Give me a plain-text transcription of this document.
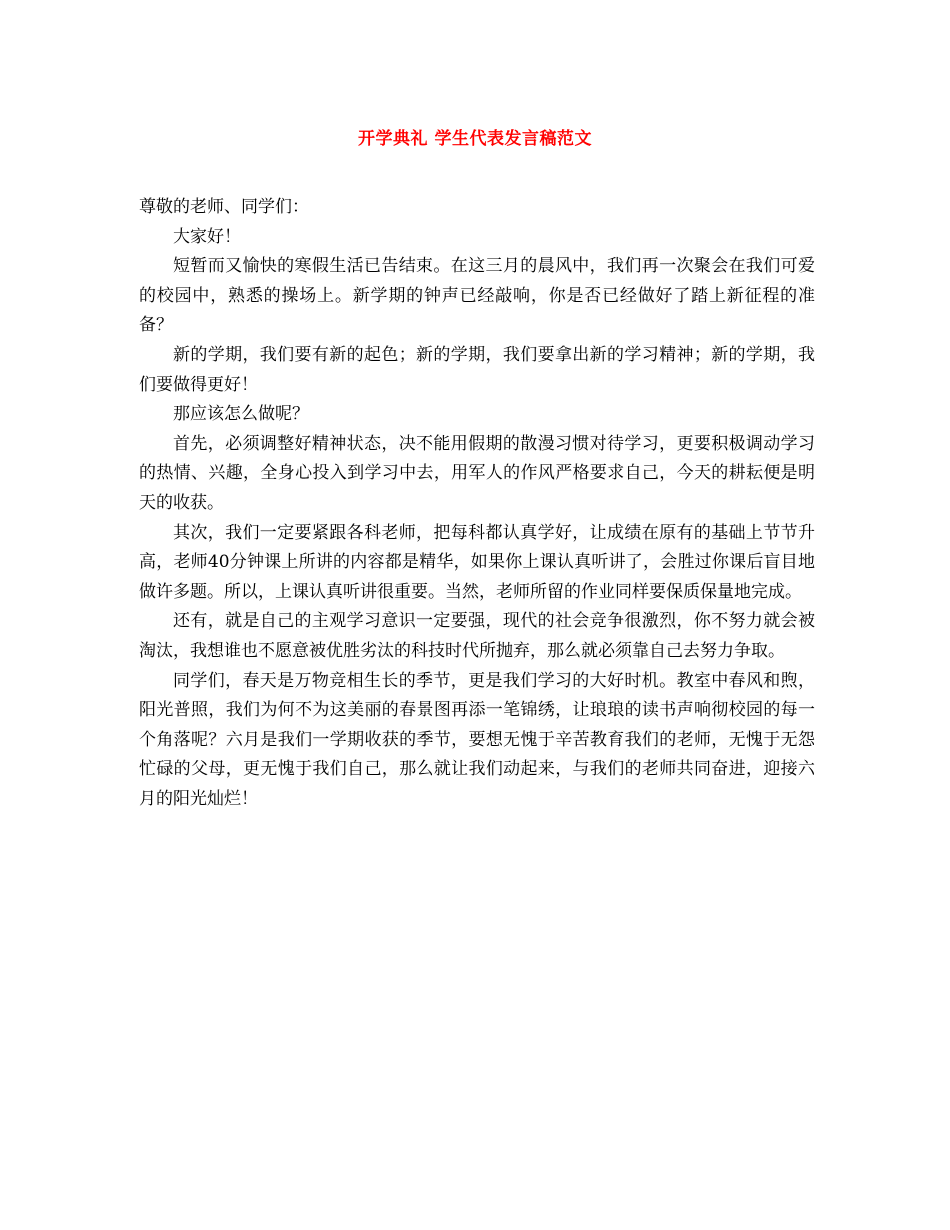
开学典礼 学生代表发言稿范文

尊敬的老师、同学们：

大家好！

短暂而又愉快的寒假生活已告结束。在这三月的晨风中，我们再一次聚会在我们可爱的校园中，熟悉的操场上。新学期的钟声已经敲响，你是否已经做好了踏上新征程的准备？

新的学期，我们要有新的起色；新的学期，我们要拿出新的学习精神；新的学期，我们要做得更好！

那应该怎么做呢？

首先，必须调整好精神状态，决不能用假期的散漫习惯对待学习，更要积极调动学习的热情、兴趣，全身心投入到学习中去，用军人的作风严格要求自己，今天的耕耘便是明天的收获。

其次，我们一定要紧跟各科老师，把每科都认真学好，让成绩在原有的基础上节节升高，老师40分钟课上所讲的内容都是精华，如果你上课认真听讲了，会胜过你课后盲目地做许多题。所以，上课认真听讲很重要。当然，老师所留的作业同样要保质保量地完成。

还有，就是自己的主观学习意识一定要强，现代的社会竞争很激烈，你不努力就会被淘汰，我想谁也不愿意被优胜劣汰的科技时代所抛弃，那么就必须靠自己去努力争取。

同学们，春天是万物竞相生长的季节，更是我们学习的大好时机。教室中春风和煦，阳光普照，我们为何不为这美丽的春景图再添一笔锦绣，让琅琅的读书声响彻校园的每一个角落呢？六月是我们一学期收获的季节，要想无愧于辛苦教育我们的老师，无愧于无怨忙碌的父母，更无愧于我们自己，那么就让我们动起来，与我们的老师共同奋进，迎接六月的阳光灿烂！
